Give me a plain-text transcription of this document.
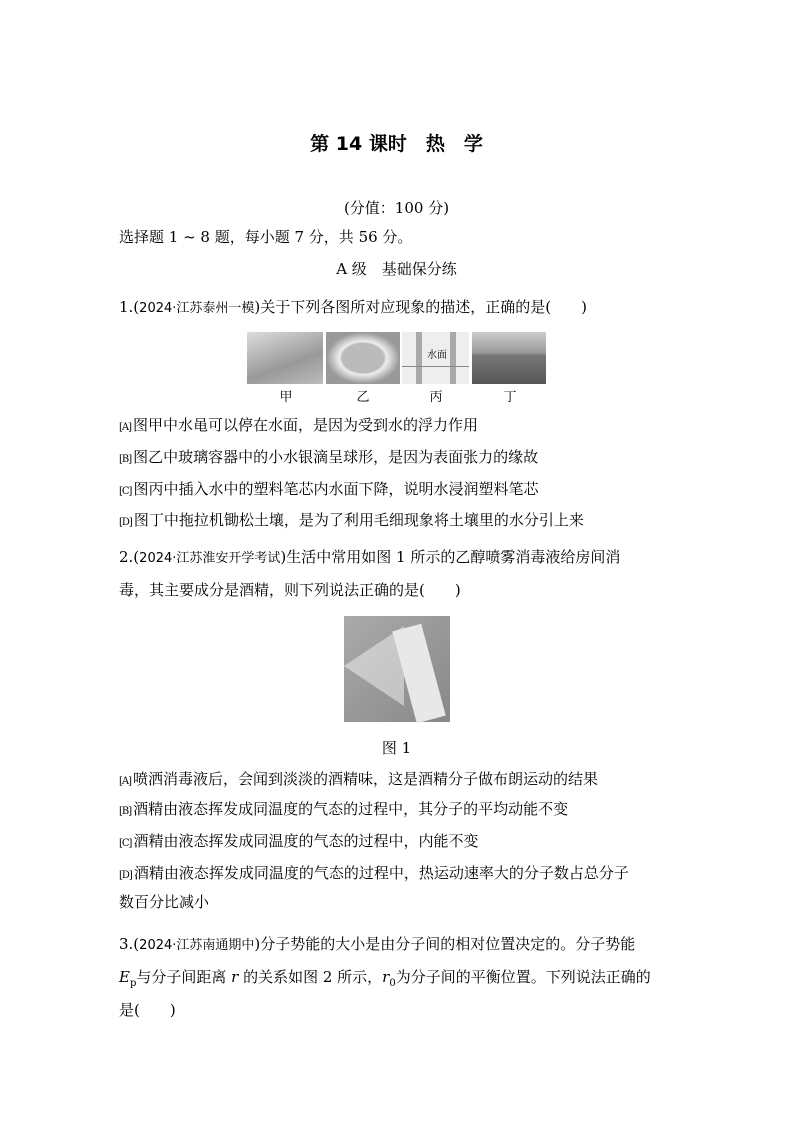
第 14 课时　热　学
(分值：100 分)
选择题 1 ~ 8 题，每小题 7 分，共 56 分。
A 级　基础保分练
1.(2024·江苏泰州一模)关于下列各图所对应现象的描述，正确的是(　　)
水面
甲	乙	丙	丁
[A] 图甲中水黾可以停在水面，是因为受到水的浮力作用
[B] 图乙中玻璃容器中的小水银滴呈球形，是因为表面张力的缘故
[C] 图丙中插入水中的塑料笔芯内水面下降，说明水浸润塑料笔芯
[D] 图丁中拖拉机锄松土壤，是为了利用毛细现象将土壤里的水分引上来
2.(2024·江苏淮安开学考试)生活中常用如图 1 所示的乙醇喷雾消毒液给房间消
毒，其主要成分是酒精，则下列说法正确的是(　　)
图 1
[A] 喷洒消毒液后，会闻到淡淡的酒精味，这是酒精分子做布朗运动的结果
[B] 酒精由液态挥发成同温度的气态的过程中，其分子的平均动能不变
[C] 酒精由液态挥发成同温度的气态的过程中，内能不变
[D] 酒精由液态挥发成同温度的气态的过程中，热运动速率大的分子数占总分子
数百分比减小
3.(2024·江苏南通期中)分子势能的大小是由分子间的相对位置决定的。分子势能
$E_p$与分子间距离 r 的关系如图 2 所示，$r_0$为分子间的平衡位置。下列说法正确的
是(　　)
